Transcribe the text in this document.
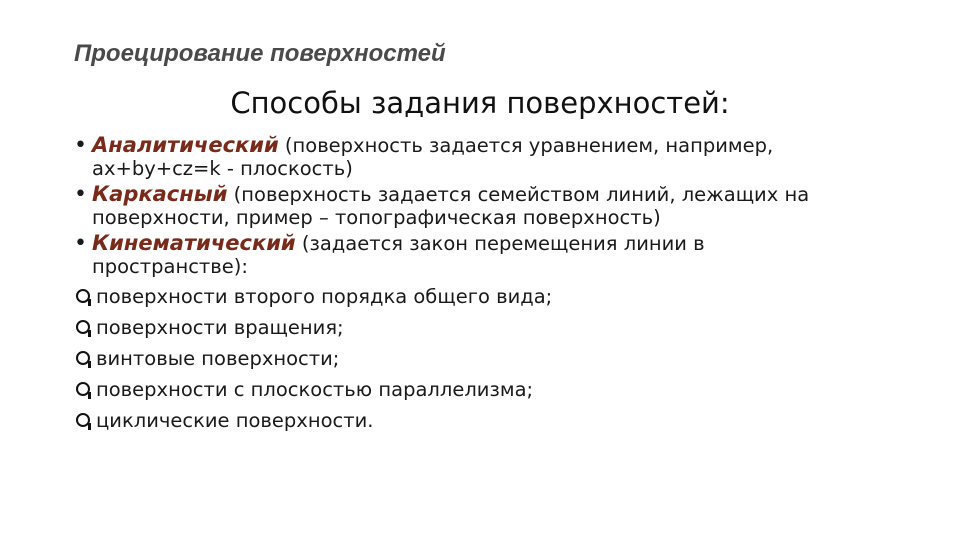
Проецирование поверхностей
Способы задания поверхностей:
• Аналитический (поверхность задается уравнением, например,
ax+by+cz=k - плоскость)
• Каркасный (поверхность задается семейством линий, лежащих на
поверхности, пример – топографическая поверхность)
• Кинематический (задается закон перемещения линии в
пространстве):
поверхности второго порядка общего вида;
поверхности вращения;
винтовые поверхности;
поверхности с плоскостью параллелизма;
циклические поверхности.
